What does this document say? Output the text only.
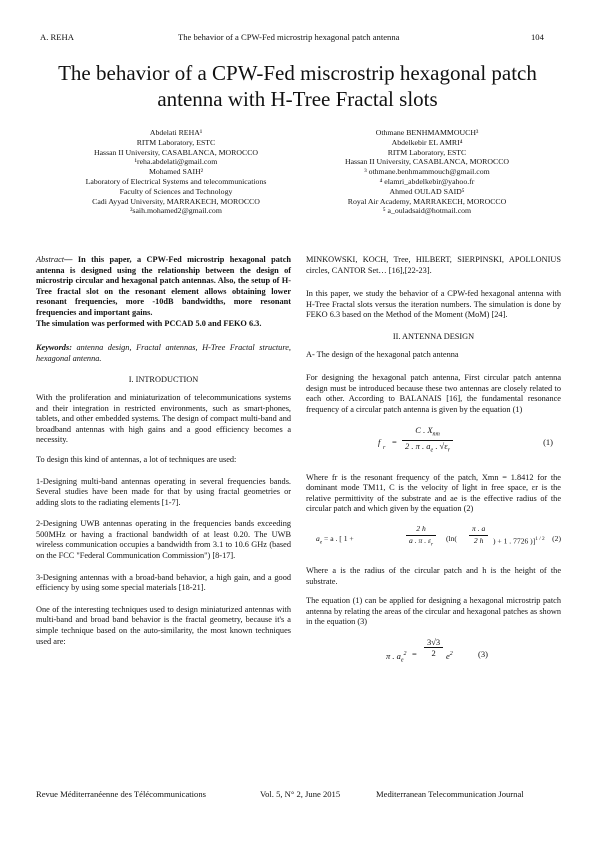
A. REHA	The behavior of a CPW-Fed microstrip hexagonal patch antenna	104
The behavior of a CPW-Fed miscrostrip hexagonal patch antenna with H-Tree Fractal slots
Abdelati REHA¹
RITM Laboratory, ESTC
Hassan II University, CASABLANCA, MOROCCO
¹reha.abdelati@gmail.com
Mohamed SAIH²
Laboratory of Electrical Systems and telecommunications
Faculty of Sciences and Technology
Cadi Ayyad University, MARRAKECH, MOROCCO
²saih.mohamed2@gmail.com
Othmane BENHMAMMOUCH³
Abdelkebir EL AMRI⁴
RITM Laboratory, ESTC
Hassan II University, CASABLANCA, MOROCCO
³ othmane.benhmammouch@gmail.com
⁴ elamri_abdelkebir@yahoo.fr
Ahmed OULAD SAID⁵
Royal Air Academy, MARRAKECH, MOROCCO
⁵ a_ouladsaid@hotmail.com

Abstract— In this paper, a CPW-Fed microstrip hexagonal patch antenna is designed using the relationship between the design of microstrip circular and hexagonal patch antennas. Also, the setup of H-Tree fractal slot on the resonant element allows obtaining lower resonant frequencies, more -10dB bandwidths, more resonant frequencies and important gains.
The simulation was performed with PCCAD 5.0 and FEKO 6.3.

Keywords: antenna design, Fractal antennas, H-Tree Fractal structure, hexagonal antenna.

I. INTRODUCTION

With the proliferation and miniaturization of telecommunications systems and their integration in restricted environments, such as smart-phones, tablets, and other embedded systems. The design of compact multi-band and broadband antennas with high gains and a good efficiency becomes a necessity.

To design this kind of antennas, a lot of techniques are used:

1-Designing multi-band antennas operating in several frequencies bands. Several studies have been made for that by using fractal geometries or adding slots to the radiating elements [1-7].

2-Designing UWB antennas operating in the frequencies bands exceeding 500MHz or having a fractional bandwidth of at least 0.20. The UWB wireless communication occupies a bandwidth from 3.1 to 10.6 GHz (based on the FCC "Federal Communication Commission") [8-17].

3-Designing antennas with a broad-band behavior, a high gain, and a good efficiency by using some special materials [18-21].

One of the interesting techniques used to design miniaturized antennas with multi-band and broad band behavior is the fractal geometry, because it's a simple technique based on the auto-similarity, the most known techniques used are:

MINKOWSKI, KOCH, Tree, HILBERT, SIERPINSKI, APOLLONIUS circles, CANTOR Set… [16],[22-23].

In this paper, we study the behavior of a CPW-fed hexagonal antenna with H-Tree Fractal slots versus the iteration numbers. The simulation is done by FEKO 6.3 based on the Method of the Moment (MoM) [24].

II. ANTENNA DESIGN

A- The design of the hexagonal patch antenna

For designing the hexagonal patch antenna, First circular patch antenna design must be introduced because these two antennas are closely related to each other. According to BALANAIS [16], the fundamental resonance frequency of a circular patch antenna is given by the equation (1)

f
r
=
C . $X_{nm}$
2 . π . $a_e$ . $√\varepsilon_r$
(1)

Where fr is the resonant frequency of the patch, Xmn = 1.8412 for the dominant mode TM11, C is the velocity of light in free space, εr is the relative permittivity of the substrate and ae is the effective radius of the circular patch and which given by the equation (2)

$a_e = a$ . [ 1 +	$\frac{2 h}{a . \pi . \varepsilon_r} (\ln( \frac{\pi . a}{2 h}$ ) + 1 . 7726 )]$^{1 / 2}$ (2)

Where a is the radius of the circular patch and h is the height of the substrate.

The equation (1) can be applied for designing a hexagonal microstrip patch antenna by relating the areas of the circular and hexagonal patches as shown in the equation (3)

π . $a_e^2 = \frac{3√3}{2} e^2$	(3)
Revue Méditerranéenne des Télécommunications	Vol. 5, N° 2, June 2015	Mediterranean Telecommunication Journal
